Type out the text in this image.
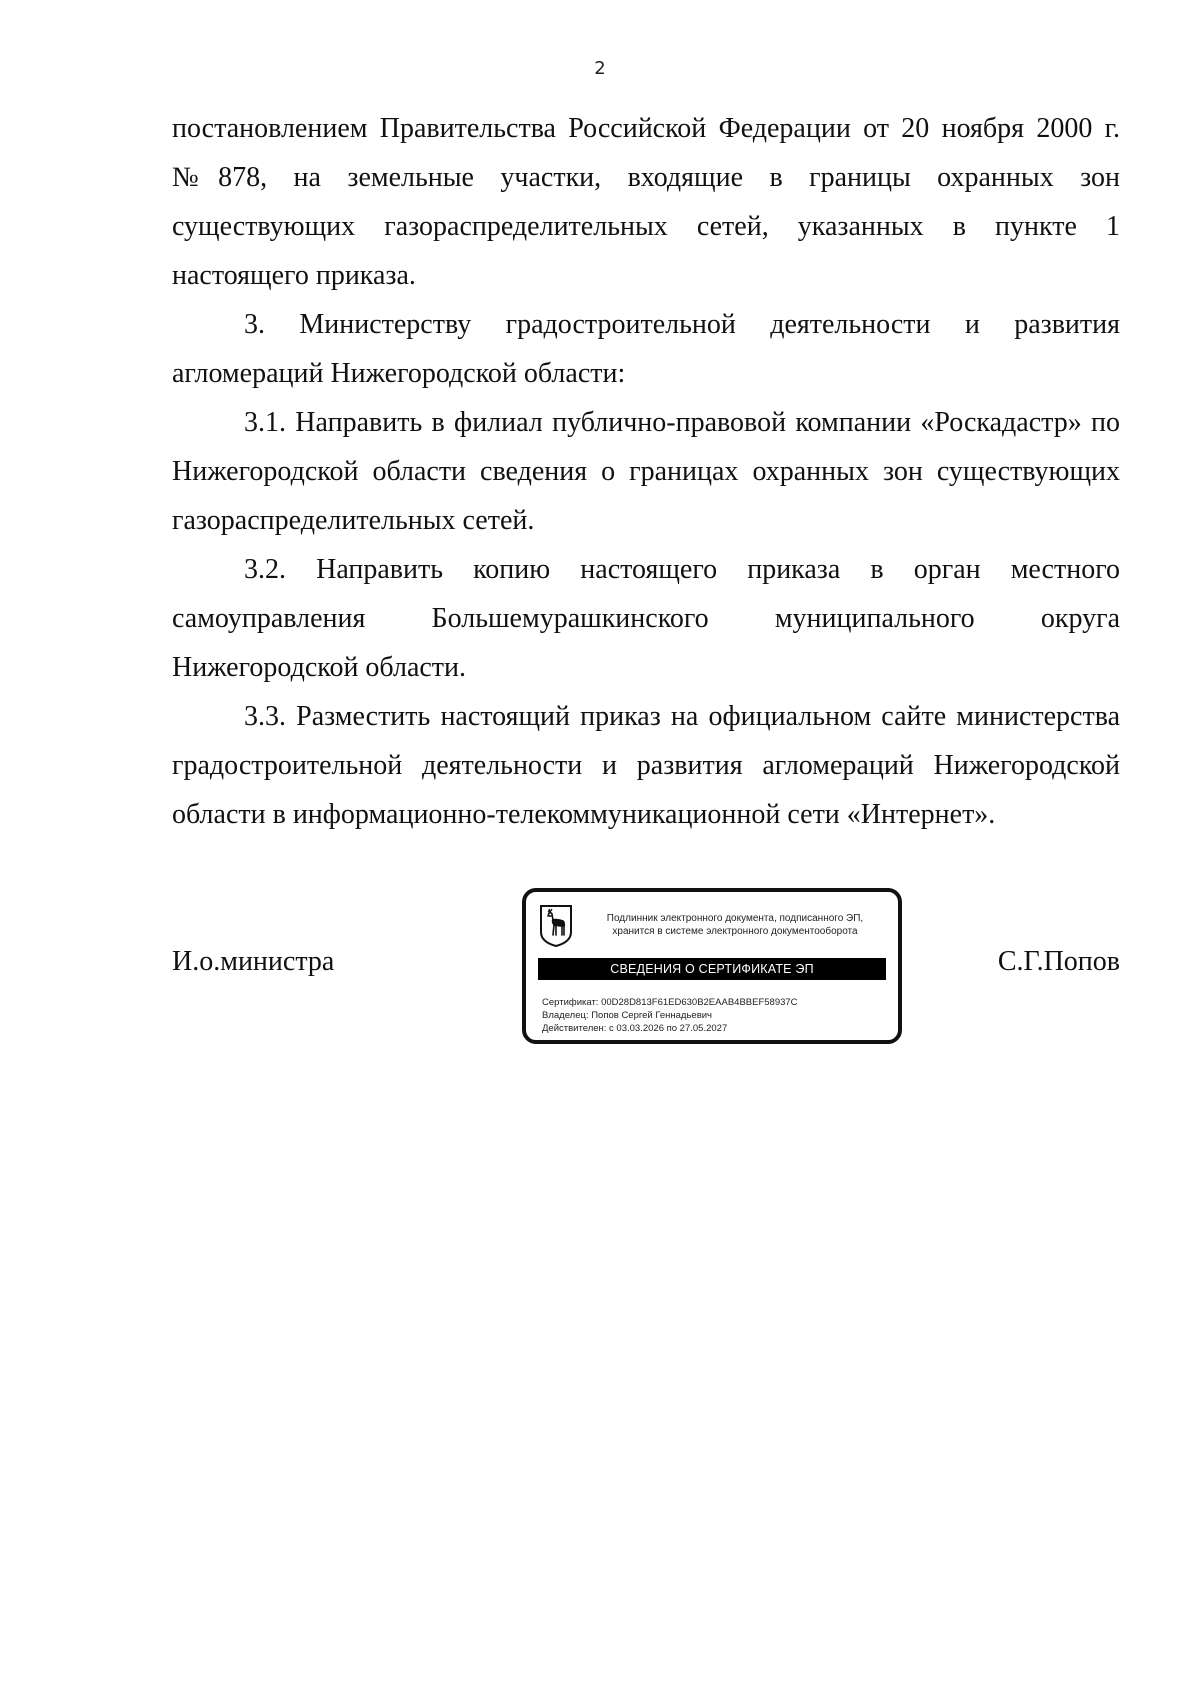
2

постановлением Правительства Российской Федерации от 20 ноября 2000 г. №878, на земельные участки, входящие в границы охранных зон существующих газораспределительных сетей, указанных в пункте 1 настоящего приказа.

3. Министерству градостроительной деятельности и развития агломераций Нижегородской области:

3.1. Направить в филиал публично-правовой компании «Роскадастр» по Нижегородской области сведения о границах охранных зон существующих газораспределительных сетей.

3.2. Направить копию настоящего приказа в орган местного самоуправления Большемурашкинского муниципального округа Нижегородской области.

3.3. Разместить настоящий приказ на официальном сайте министерства градостроительной деятельности и развития агломераций Нижегородской области в информационно-телекоммуникационной сети «Интернет».

И.о.министра
Подлинник электронного документа, подписанного ЭП,
хранится в системе электронного документооборота
СВЕДЕНИЯ О СЕРТИФИКАТЕ ЭП
Сертификат: 00D28D813F61ED630B2EAAB4BBEF58937C
Владелец: Попов Сергей Геннадьевич
Действителен: с 03.03.2026 по 27.05.2027
С.Г.Попов
